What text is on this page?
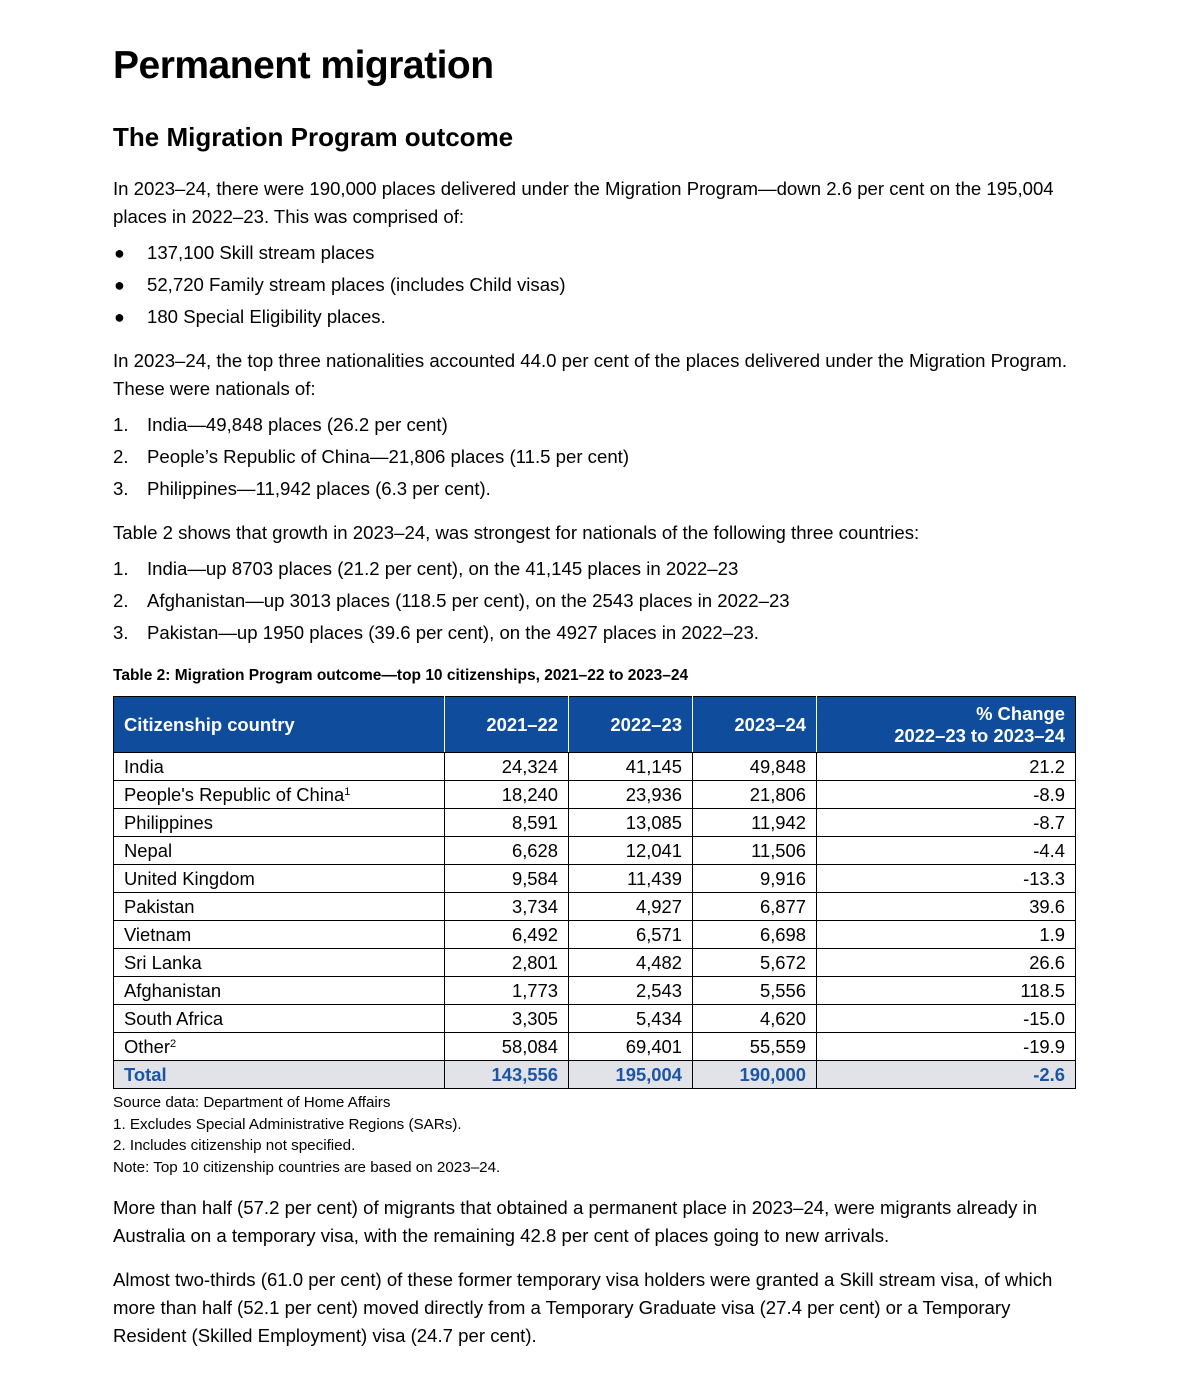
Permanent migration
The Migration Program outcome

In 2023–24, there were 190,000 places delivered under the Migration Program—down 2.6 per cent on the 195,004 places in 2022–23. This was comprised of:

● 137,100 Skill stream places
● 52,720 Family stream places (includes Child visas)
● 180 Special Eligibility places.

In 2023–24, the top three nationalities accounted 44.0 per cent of the places delivered under the Migration Program. These were nationals of:

1. India—49,848 places (26.2 per cent)
2. People’s Republic of China—21,806 places (11.5 per cent)
3. Philippines—11,942 places (6.3 per cent).

Table 2 shows that growth in 2023–24, was strongest for nationals of the following three countries:

1. India—up 8703 places (21.2 per cent), on the 41,145 places in 2022–23
2. Afghanistan—up 3013 places (118.5 per cent), on the 2543 places in 2022–23
3. Pakistan—up 1950 places (39.6 per cent), on the 4927 places in 2022–23.
Table 2: Migration Program outcome—top 10 citizenships, 2021–22 to 2023–24
Citizenship country	2021–22	2022–23	2023–24	% Change
2022–23 to 2023–24
India	24,324	41,145	49,848	21.2
People's Republic of China$^1$	18,240	23,936	21,806	-8.9
Philippines	8,591	13,085	11,942	-8.7
Nepal	6,628	12,041	11,506	-4.4
United Kingdom	9,584	11,439	9,916	-13.3
Pakistan	3,734	4,927	6,877	39.6
Vietnam	6,492	6,571	6,698	1.9
Sri Lanka	2,801	4,482	5,672	26.6
Afghanistan	1,773	2,543	5,556	118.5
South Africa	3,305	5,434	4,620	-15.0
Other$^2$	58,084	69,401	55,559	-19.9
Total	143,556	195,004	190,000	-2.6
Source data: Department of Home Affairs
1. Excludes Special Administrative Regions (SARs).
2. Includes citizenship not specified.
Note: Top 10 citizenship countries are based on 2023–24.

More than half (57.2 per cent) of migrants that obtained a permanent place in 2023–24, were migrants already in Australia on a temporary visa, with the remaining 42.8 per cent of places going to new arrivals.

Almost two-thirds (61.0 per cent) of these former temporary visa holders were granted a Skill stream visa, of which more than half (52.1 per cent) moved directly from a Temporary Graduate visa (27.4 per cent) or a Temporary Resident (Skilled Employment) visa (24.7 per cent).
